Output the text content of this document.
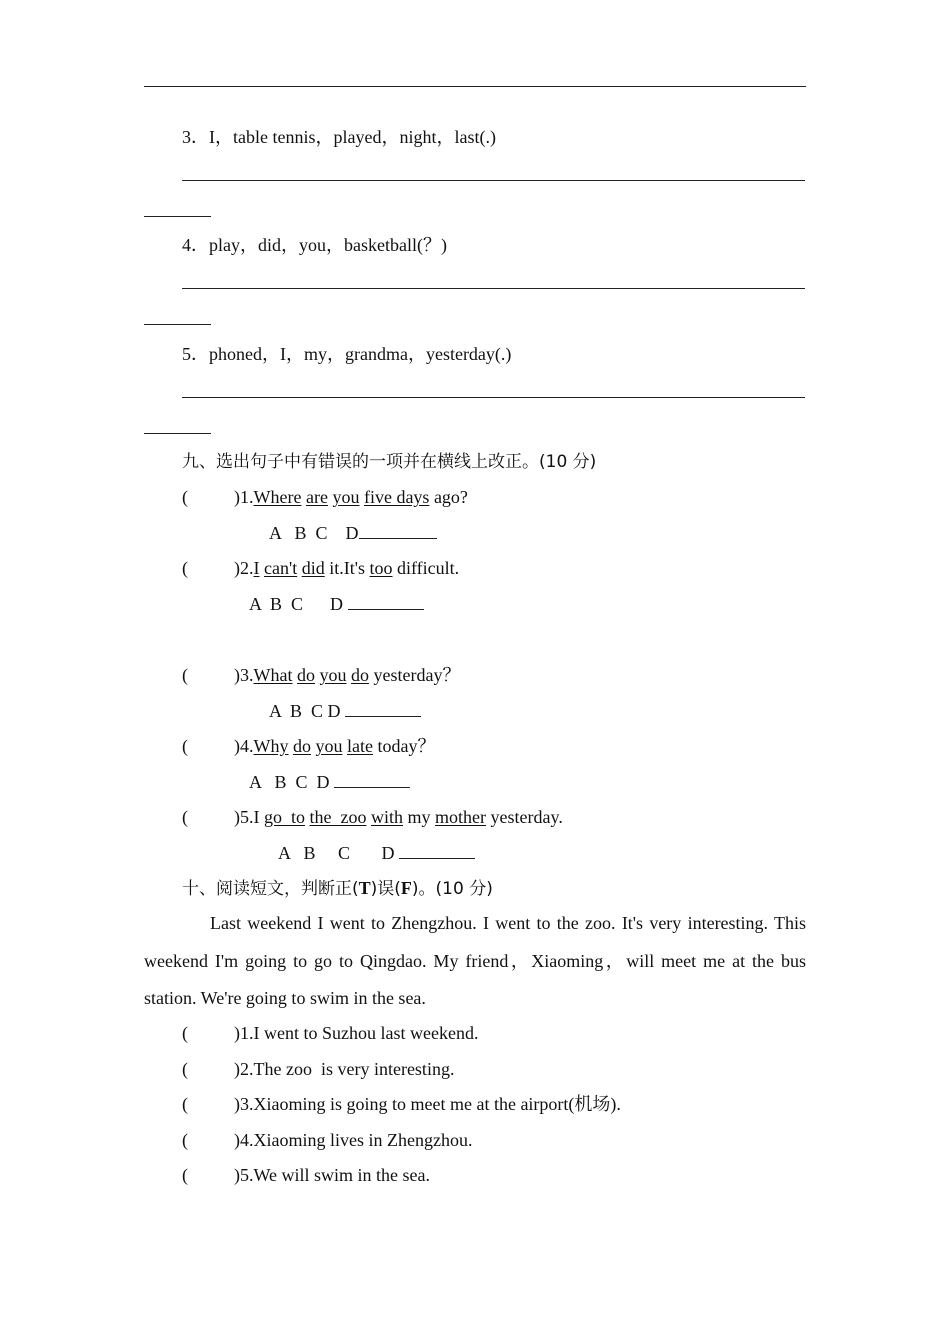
3．I，table tennis，played，night，last(.)
4．play，did，you，basketball(？)
5．phoned，I，my，grandma，yesterday(.)
九、选出句子中有错误的一项并在横线上改正。(10 分)
(	)1.Where are you five days ago?
A   B  C    D
(	)2.I can't did it.It's too difficult.
A  B  C      D
(	)3.What do you do yesterday？
A  B  C D
(	)4.Why do you late today？
A   B  C  D
(	)5.I go  to the  zoo with my mother yesterday.
A   B     C       D
十、阅读短文，判断正(T)误(F)。(10 分)
Last weekend I went to Zhengzhou. I went to the zoo. It's very interesting. This weekend I'm going to go to Qingdao. My friend，Xiaoming，will meet me at the bus station. We're going to swim in the sea.
(	)1.I went to Suzhou last weekend.
(	)2.The zoo  is very interesting.
(	)3.Xiaoming is going to meet me at the airport(机场).
(	)4.Xiaoming lives in Zhengzhou.
(	)5.We will swim in the sea.
